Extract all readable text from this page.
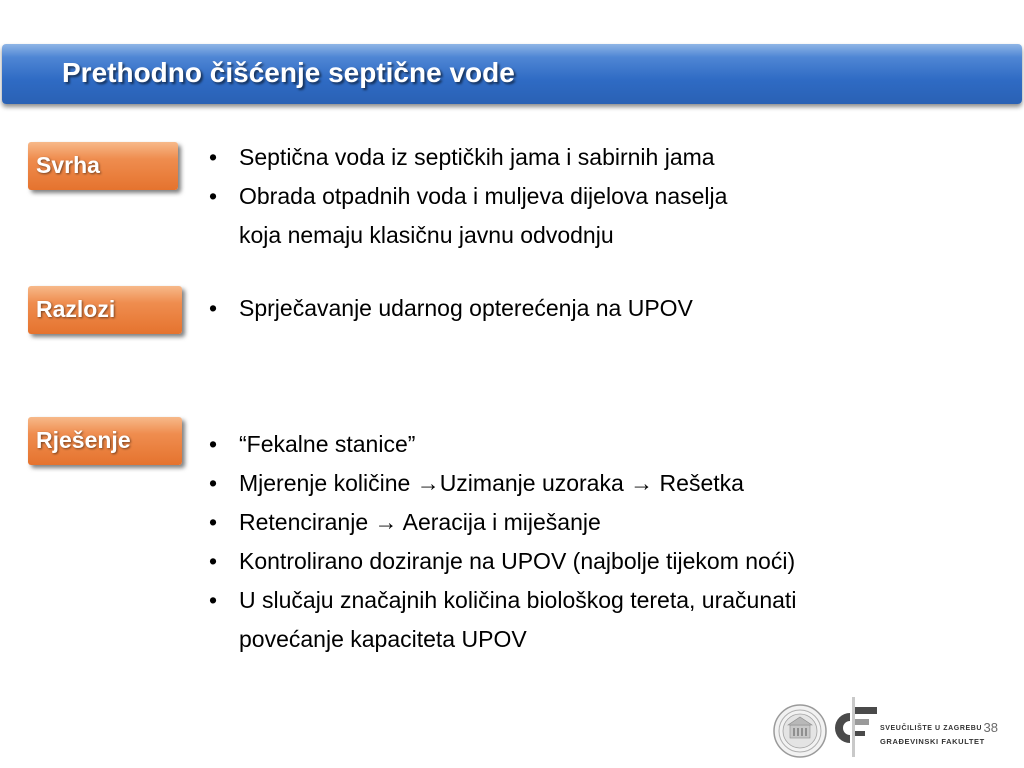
Prethodno čišćenje septične vode
Svrha	• Septična voda iz septičkih jama i sabirnih jama
• Obrada otpadnih voda i muljeva dijelova naselja
koja nemaju klasičnu javnu odvodnju
Razlozi	• Sprječavanje udarnog opterećenja na UPOV
Rješenje	• “Fekalne stanice”
• Mjerenje količine →Uzimanje uzoraka → Rešetka
• Retenciranje → Aeracija i miješanje
• Kontrolirano doziranje na UPOV (najbolje tijekom noći)
• U slučaju značajnih količina biološkog tereta, uračunati
povećanje kapaciteta UPOV
SVEUČILIŠTE U ZAGREBU
GRAĐEVINSKI FAKULTET
38
